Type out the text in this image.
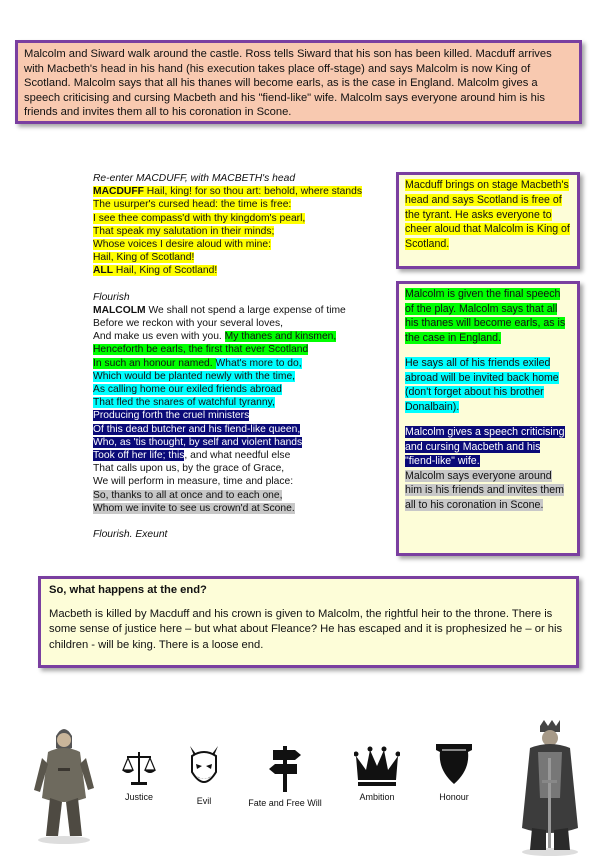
Malcolm and Siward walk around the castle. Ross tells Siward that his son has been killed. Macduff arrives with Macbeth's head in his hand (his execution takes place off-stage) and says Malcolm is now King of Scotland. Malcolm says that all his thanes will become earls, as is the case in England. Malcolm gives a speech criticising and cursing Macbeth and his "fiend-like" wife. Malcolm says everyone around him is his friends and invites them all to his coronation in Scone.
Re-enter MACDUFF, with MACBETH's head
MACDUFF Hail, king! for so thou art: behold, where stands
The usurper's cursed head: the time is free:
I see thee compass'd with thy kingdom's pearl,
That speak my salutation in their minds;
Whose voices I desire aloud with mine:
Hail, King of Scotland!
ALL Hail, King of Scotland!
Flourish
MALCOLM We shall not spend a large expense of time
Before we reckon with your several loves,
And make us even with you. My thanes and kinsmen,
Henceforth be earls, the first that ever Scotland
In such an honour named. What's more to do,
Which would be planted newly with the time,
As calling home our exiled friends abroad
That fled the snares of watchful tyranny,
Producing forth the cruel ministers
Of this dead butcher and his fiend-like queen,
Who, as 'tis thought, by self and violent hands
Took off her life; this, and what needful else
That calls upon us, by the grace of Grace,
We will perform in measure, time and place:
So, thanks to all at once and to each one,
Whom we invite to see us crown'd at Scone.
Flourish. Exeunt
Macduff brings on stage Macbeth's head and says Scotland is free of the tyrant. He asks everyone to cheer aloud that Malcolm is King of Scotland.
Malcolm is given the final speech of the play. Malcolm says that all his thanes will become earls, as is the case in England.
He says all of his friends exiled abroad will be invited back home (don't forget about his brother Donalbain).
Malcolm gives a speech criticising and cursing Macbeth and his "fiend-like" wife.
Malcolm says everyone around him is his friends and invites them all to his coronation in Scone.
So, what happens at the end?
Macbeth is killed by Macduff and his crown is given to Malcolm, the rightful heir to the throne. There is some sense of justice here – but what about Fleance? He has escaped and it is prophesized he – or his children - will be king. There is a loose end.
Justice	Evil	Fate and Free Will
Ambition	Honour
